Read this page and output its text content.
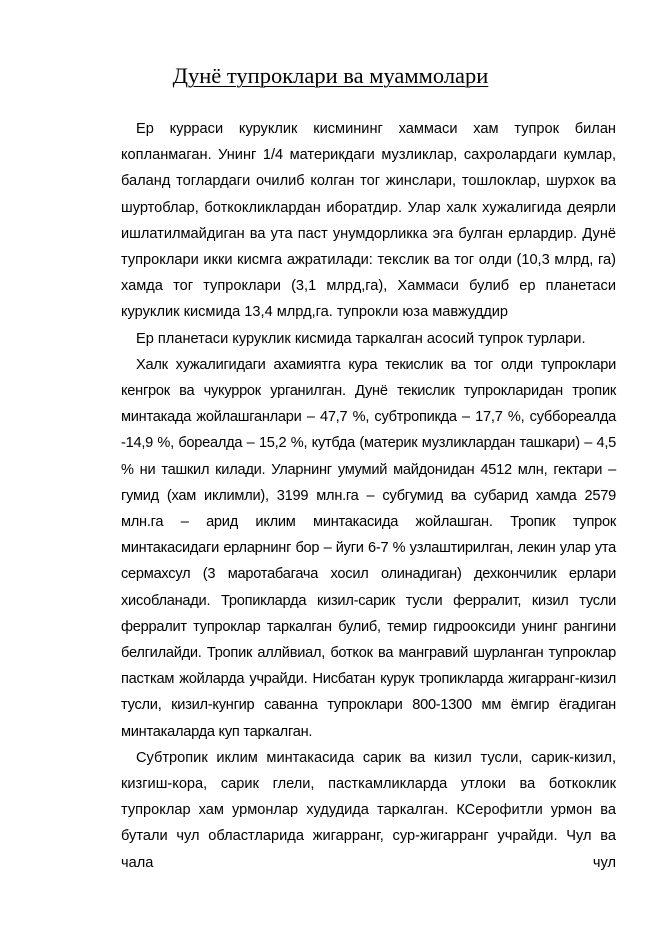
Дунё тупроклари ва муаммолари

Ер курраси куруклик кисмининг хаммаси хам тупрок билан копланмаган. Унинг 1/4 материкдаги музликлар, сахролардаги кумлар, баланд тоглардаги очилиб колган тог жинслари, тошлоклар, шурхок ва шуртоблар, боткокликлардан иборатдир. Улар халк хужалигида деярли ишлатилмайдиган ва ута паст унумдорликка эга булган ерлардир. Дунё тупроклари икки кисмга ажратилади: текслик ва тог олди (10,3 млрд, га) хамда тог тупроклари (3,1 млрд,га), Хаммаси булиб ер планетаси куруклик кисмида 13,4 млрд,га. тупрокли юза мавжуддир

Ер планетаси куруклик кисмида таркалган асосий тупрок турлари.

Халк хужалигидаги ахамиятга кура текислик ва тог олди тупроклари кенгрок ва чукуррок урганилган. Дунё текислик тупрокларидан тропик минтакада жойлашганлари – 47,7 %, субтропикда – 17,7 %, суббореалда -14,9 %, бореалда – 15,2 %, кутбда (материк музликлардан ташкари) – 4,5 % ни ташкил килади. Уларнинг умумий майдонидан 4512 млн, гектари – гумид (хам иклимли), 3199 млн.га – субгумид ва субарид хамда 2579 млн.га – арид иклим минтакасида жойлашган. Тропик тупрок минтакасидаги ерларнинг бор – йуги 6-7 % узлаштирилган, лекин улар ута сермахсул (3 маротабагача хосил олинадиган) дехкончилик ерлари хисобланади. Тропикларда кизил-сарик тусли ферралит, кизил тусли ферралит тупроклар таркалган булиб, темир гидрооксиди унинг рангини белгилайди. Тропик аллйвиал, боткок ва мангравий шурланган тупроклар пасткам жойларда учрайди. Нисбатан курук тропикларда жигарранг-кизил тусли, кизил-кунгир саванна тупроклари 800-1300 мм ёмгир ёгадиган минтакаларда куп таркалган.

Субтропик иклим минтакасида сарик ва кизил тусли, сарик-кизил, кизгиш-кора, сарик глели, пасткамликларда утлоки ва боткоклик тупроклар хам урмонлар худудида таркалган. КСерофитли урмон ва бутали чул областларида жигарранг, сур-жигарранг учрайди. Чул ва чала чул
